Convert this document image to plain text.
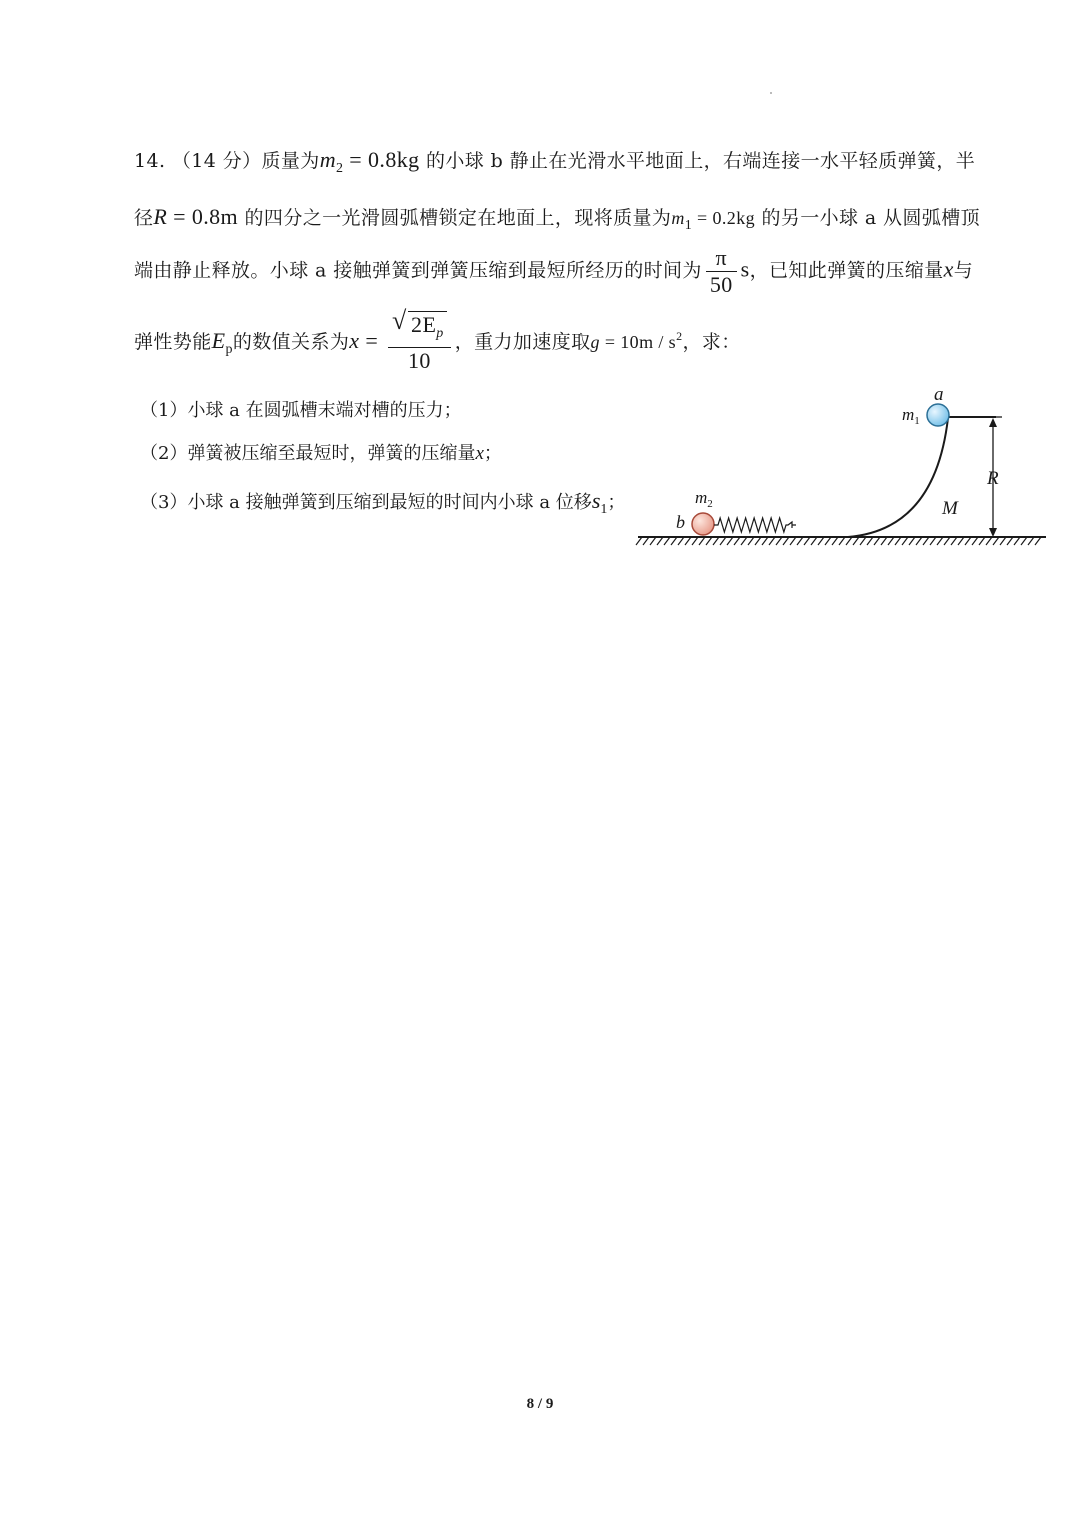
14. （14 分）质量为$m_2 = 0.8kg$ 的小球 b 静止在光滑水平地面上，右端连接一水平轻质弹簧，半
径R = 0.8m 的四分之一光滑圆弧槽锁定在地面上，现将质量为$m_1 = 0.2kg$ 的另一小球 a 从圆弧槽顶
端由静止释放。小球 a 接触弹簧到弹簧压缩到最短所经历的时间为 $\frac{\pi}{50}$ s，已知此弹簧的压缩量x与
弹性势能$E_p$的数值关系为$x = \frac{√ 2E_p}{10}$ ，重力加速度取$g = 10m / s^2$，求：
（1）小球 a 在圆弧槽末端对槽的压力；
（2）弹簧被压缩至最短时，弹簧的压缩量x；
（3）小球 a 接触弹簧到压缩到最短的时间内小球 a 位移$s_1$；
a
$m_1$
R
M
$m_2$
b
8 / 9
